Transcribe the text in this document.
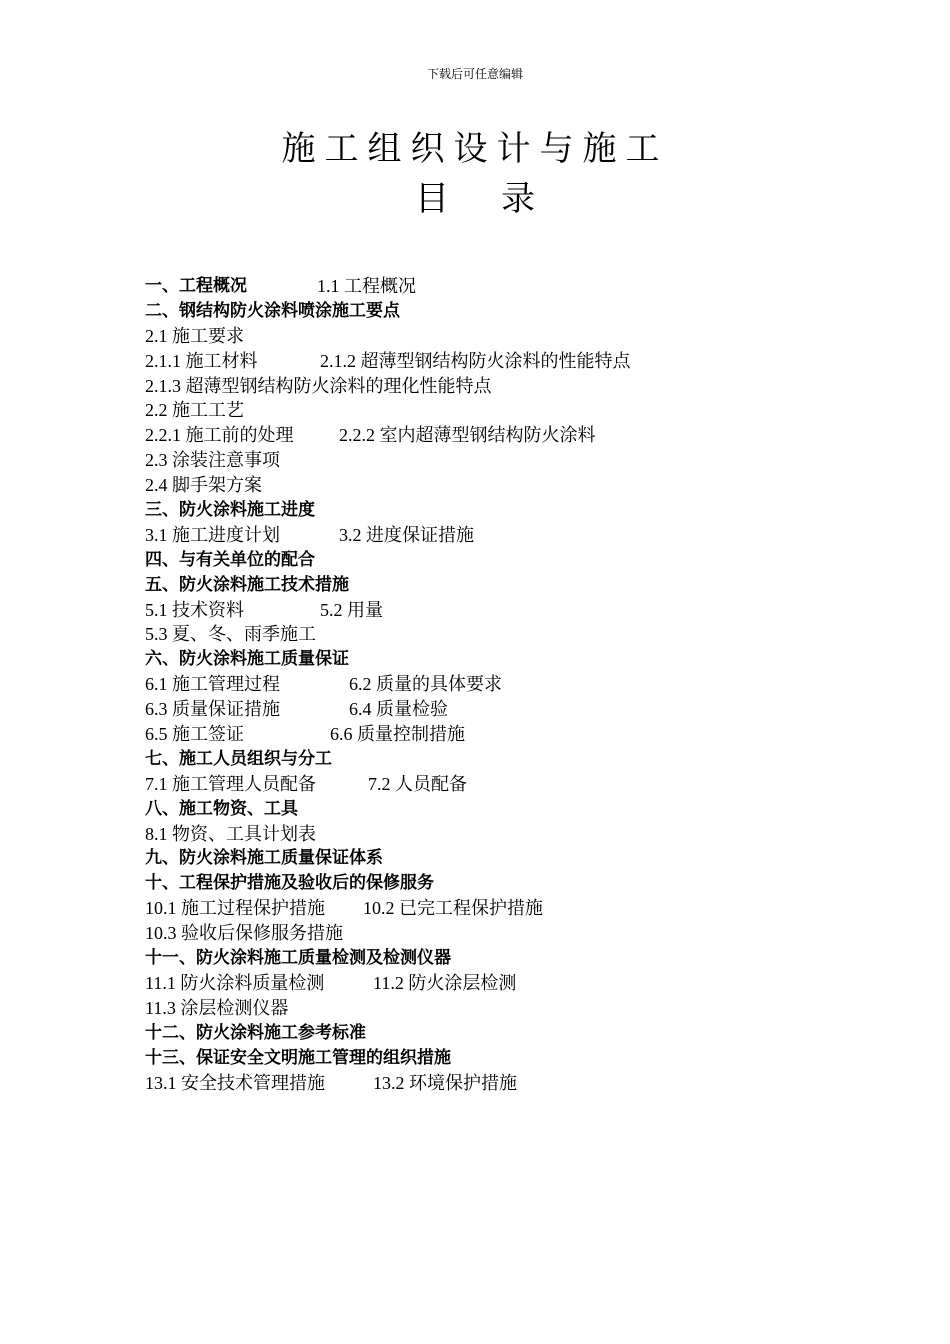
下载后可任意编辑
施工组织设计与施工
目 录
一、工程概况	1.1 工程概况
二、钢结构防火涂料喷涂施工要点
2.1 施工要求
2.1.1 施工材料	2.1.2 超薄型钢结构防火涂料的性能特点
2.1.3 超薄型钢结构防火涂料的理化性能特点
2.2 施工工艺
2.2.1 施工前的处理	2.2.2 室内超薄型钢结构防火涂料
2.3 涂装注意事项
2.4 脚手架方案
三、防火涂料施工进度
3.1 施工进度计划	3.2 进度保证措施
四、与有关单位的配合
五、防火涂料施工技术措施
5.1 技术资料	5.2 用量
5.3 夏、冬、雨季施工
六、防火涂料施工质量保证
6.1 施工管理过程	6.2 质量的具体要求
6.3 质量保证措施	6.4 质量检验
6.5 施工签证	6.6 质量控制措施
七、施工人员组织与分工
7.1 施工管理人员配备	7.2 人员配备
八、施工物资、工具
8.1 物资、工具计划表
九、防火涂料施工质量保证体系
十、工程保护措施及验收后的保修服务
10.1 施工过程保护措施 10.2 已完工程保护措施
10.3 验收后保修服务措施
十一、防火涂料施工质量检测及检测仪器
11.1 防火涂料质量检测	11.2 防火涂层检测
11.3 涂层检测仪器
十二、防火涂料施工参考标准
十三、保证安全文明施工管理的组织措施
13.1 安全技术管理措施	13.2 环境保护措施
